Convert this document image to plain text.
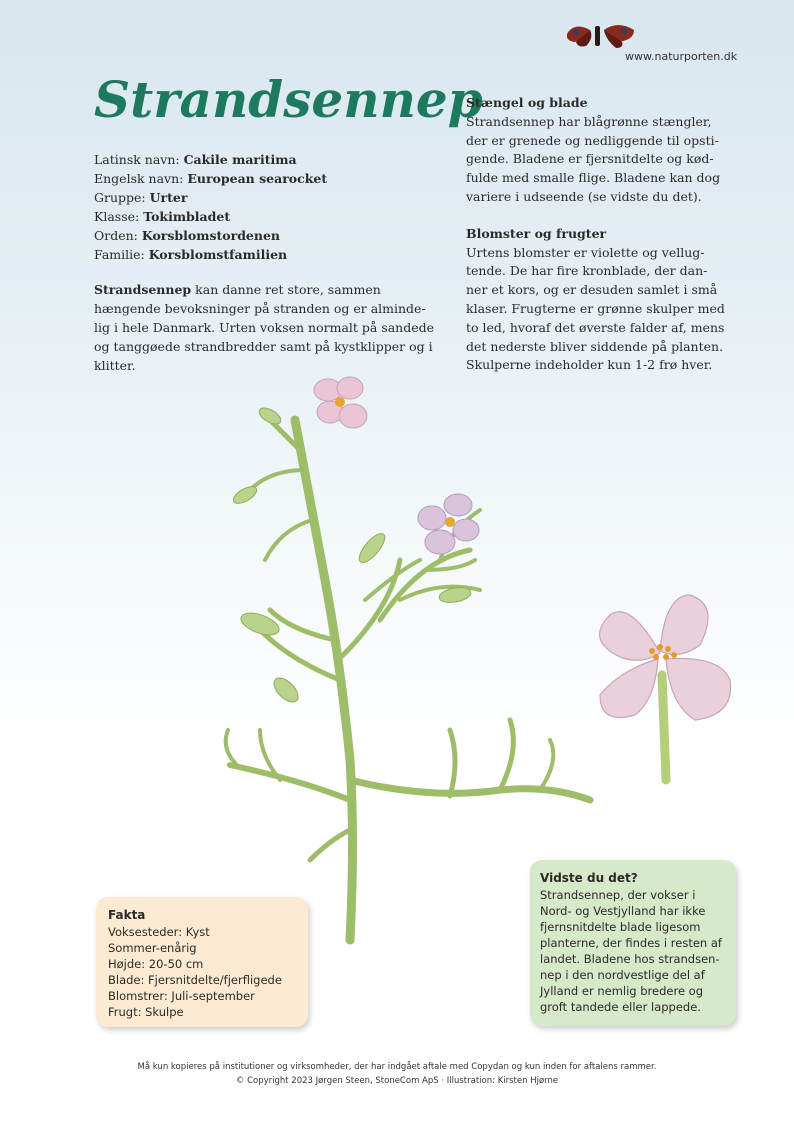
www.naturporten.dk
Strandsennep
Latinsk navn: Cakile maritima
Engelsk navn: European searocket
Gruppe: Urter
Klasse: Tokimbladet
Orden: Korsblomstordenen
Familie: Korsblomstfamilien
Strandsennep kan danne ret store, sammen
hængende bevoksninger på stranden og er alminde-
lig i hele Danmark. Urten voksen normalt på sandede
og tanggøede strandbredder samt på kystklipper og i
klitter.
Stængel og blade

Strandsennep har blågrønne stængler,
der er grenede og nedliggende til opsti-
gende. Bladene er fjersnitdelte og kød-
fulde med smalle flige. Bladene kan dog
variere i udseende (se vidste du det).

Blomster og frugter

Urtens blomster er violette og vellug-
tende. De har fire kronblade, der dan-
ner et kors, og er desuden samlet i små
klaser. Frugterne er grønne skulper med
to led, hvoraf det øverste falder af, mens
det nederste bliver siddende på planten.
Skulperne indeholder kun 1-2 frø hver.

Fakta
Voksesteder: Kyst
Sommer-enårig
Højde: 20-50 cm
Blade: Fjersnitdelte/fjerfligede
Blomstrer: Juli-september
Frugt: Skulpe
Vidste du det?
Strandsennep, der vokser i
Nord- og Vestjylland har ikke
fjernsnitdelte blade ligesom
planterne, der findes i resten af
landet. Bladene hos strandsen-
nep i den nordvestlige del af
Jylland er nemlig bredere og
groft tandede eller lappede.
Må kun kopieres på institutioner og virksomheder, der har indgået aftale med Copydan og kun inden for aftalens rammer.
© Copyright 2023 Jørgen Steen, StoneCom ApS · Illustration: Kirsten Hjørne
